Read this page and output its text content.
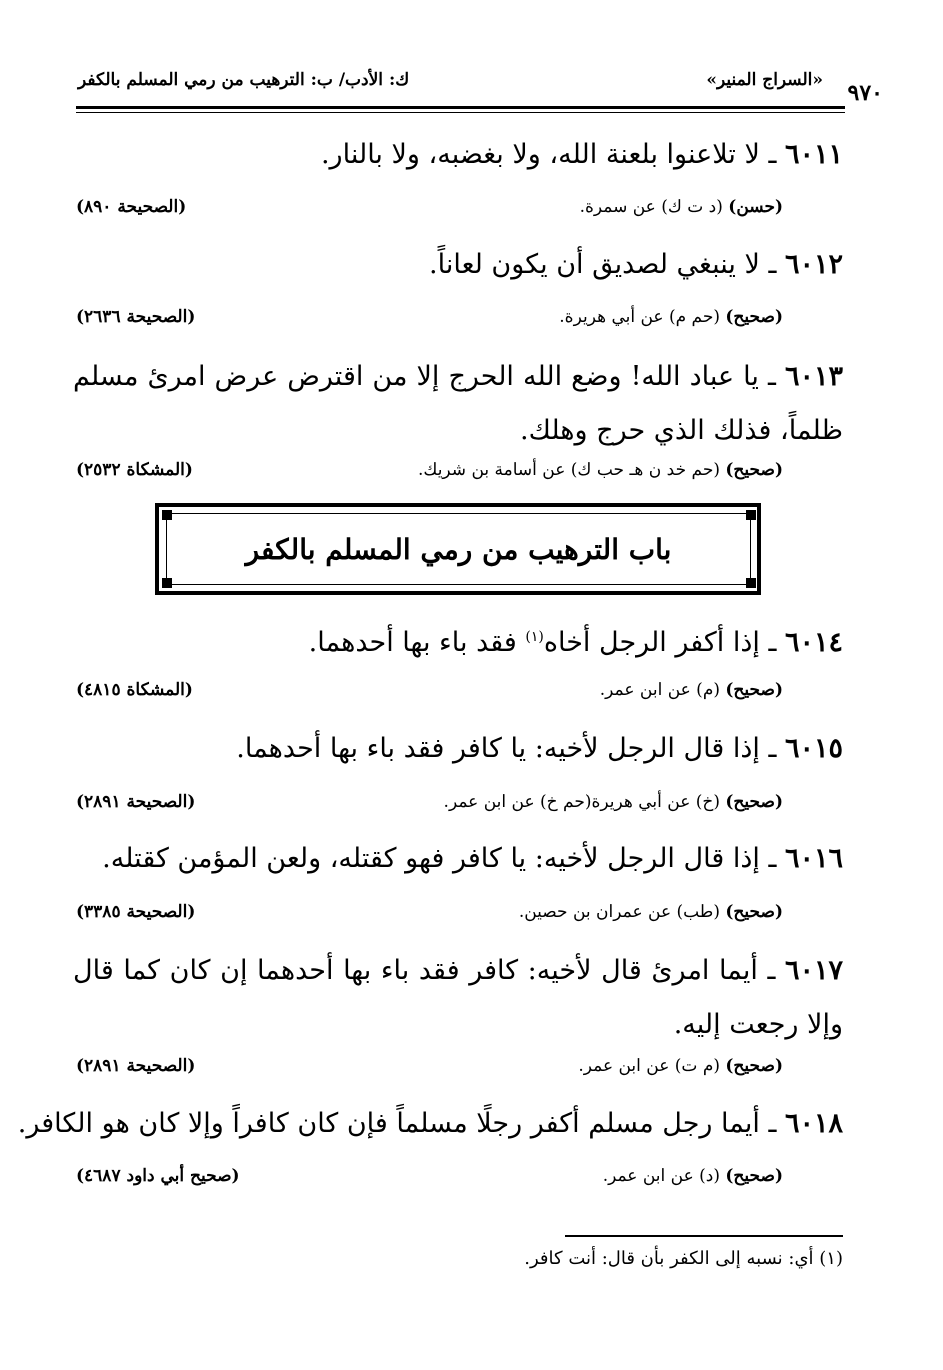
«السراج المنير» ٩٧٠
ك: الأدب/ ب: الترهيب من رمي المسلم بالكفر
٦٠١١ ـ لا تلاعنوا بلعنة الله، ولا بغضبه، ولا بالنار.
(حسن) (د ت ك) عن سمرة.
(الصحيحة ٨٩٠)
٦٠١٢ ـ لا ينبغي لصديق أن يكون لعاناً.
(صحيح) (حم م) عن أبي هريرة.
(الصحيحة ٢٦٣٦)
٦٠١٣ ـ يا عباد الله! وضع الله الحرج إلا من اقترض عرض امرئ مسلم ظلماً، فذلك الذي حرج وهلك.
(صحيح) (حم خد ن هـ حب ك) عن أسامة بن شريك.
(المشكاة ٢٥٣٢)
باب الترهيب من رمي المسلم بالكفر
٦٠١٤ ـ إذا أكفر الرجل أخاه$^{(١)}$ فقد باء بها أحدهما.
(صحيح) (م) عن ابن عمر.
(المشكاة ٤٨١٥)
٦٠١٥ ـ إذا قال الرجل لأخيه: يا كافر فقد باء بها أحدهما.
(صحيح) (خ) عن أبي هريرة(حم خ) عن ابن عمر.
(الصحيحة ٢٨٩١)
٦٠١٦ ـ إذا قال الرجل لأخيه: يا كافر فهو كقتله، ولعن المؤمن كقتله.
(صحيح) (طب) عن عمران بن حصين.
(الصحيحة ٣٣٨٥)
٦٠١٧ ـ أيما امرئ قال لأخيه: كافر فقد باء بها أحدهما إن كان كما قال وإلا رجعت إليه.
(صحيح) (م ت) عن ابن عمر.
(الصحيحة ٢٨٩١)
٦٠١٨ ـ أيما رجل مسلم أكفر رجلًا مسلماً فإن كان كافراً وإلا كان هو الكافر.
(صحيح) (د) عن ابن عمر.
(صحيح أبي داود ٤٦٨٧)
(١) أي: نسبه إلى الكفر بأن قال: أنت كافر.
